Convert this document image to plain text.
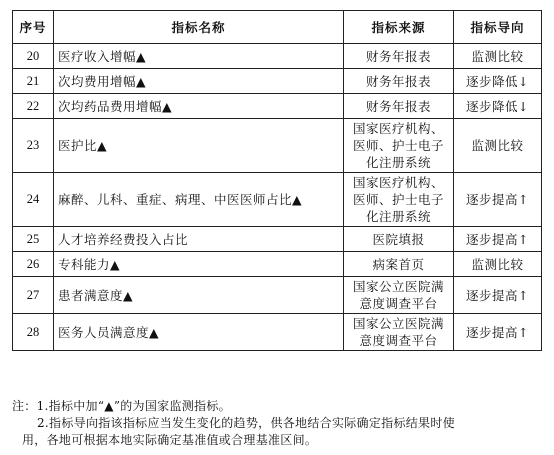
序号	指标名称	指标来源	指标导向
20	医疗收入增幅▲	财务年报表	监测比较
21	次均费用增幅▲	财务年报表	逐步降低↓
22	次均药品费用增幅▲	财务年报表	逐步降低↓
23	医护比▲	国家医疗机构、
医师、护士电子
化注册系统	监测比较
24	麻醉、儿科、重症、病理、中医医师占比▲	国家医疗机构、
医师、护士电子
化注册系统	逐步提高↑
25	人才培养经费投入占比	医院填报	逐步提高↑
26	专科能力▲	病案首页	监测比较
27	患者满意度▲	国家公立医院满
意度调查平台	逐步提高↑
28	医务人员满意度▲	国家公立医院满
意度调查平台	逐步提高↑
注：1.指标中加“▲”的为国家监测指标。
2.指标导向指该指标应当发生变化的趋势，供各地结合实际确定指标结果时使
用，各地可根据本地实际确定基准值或合理基准区间。
